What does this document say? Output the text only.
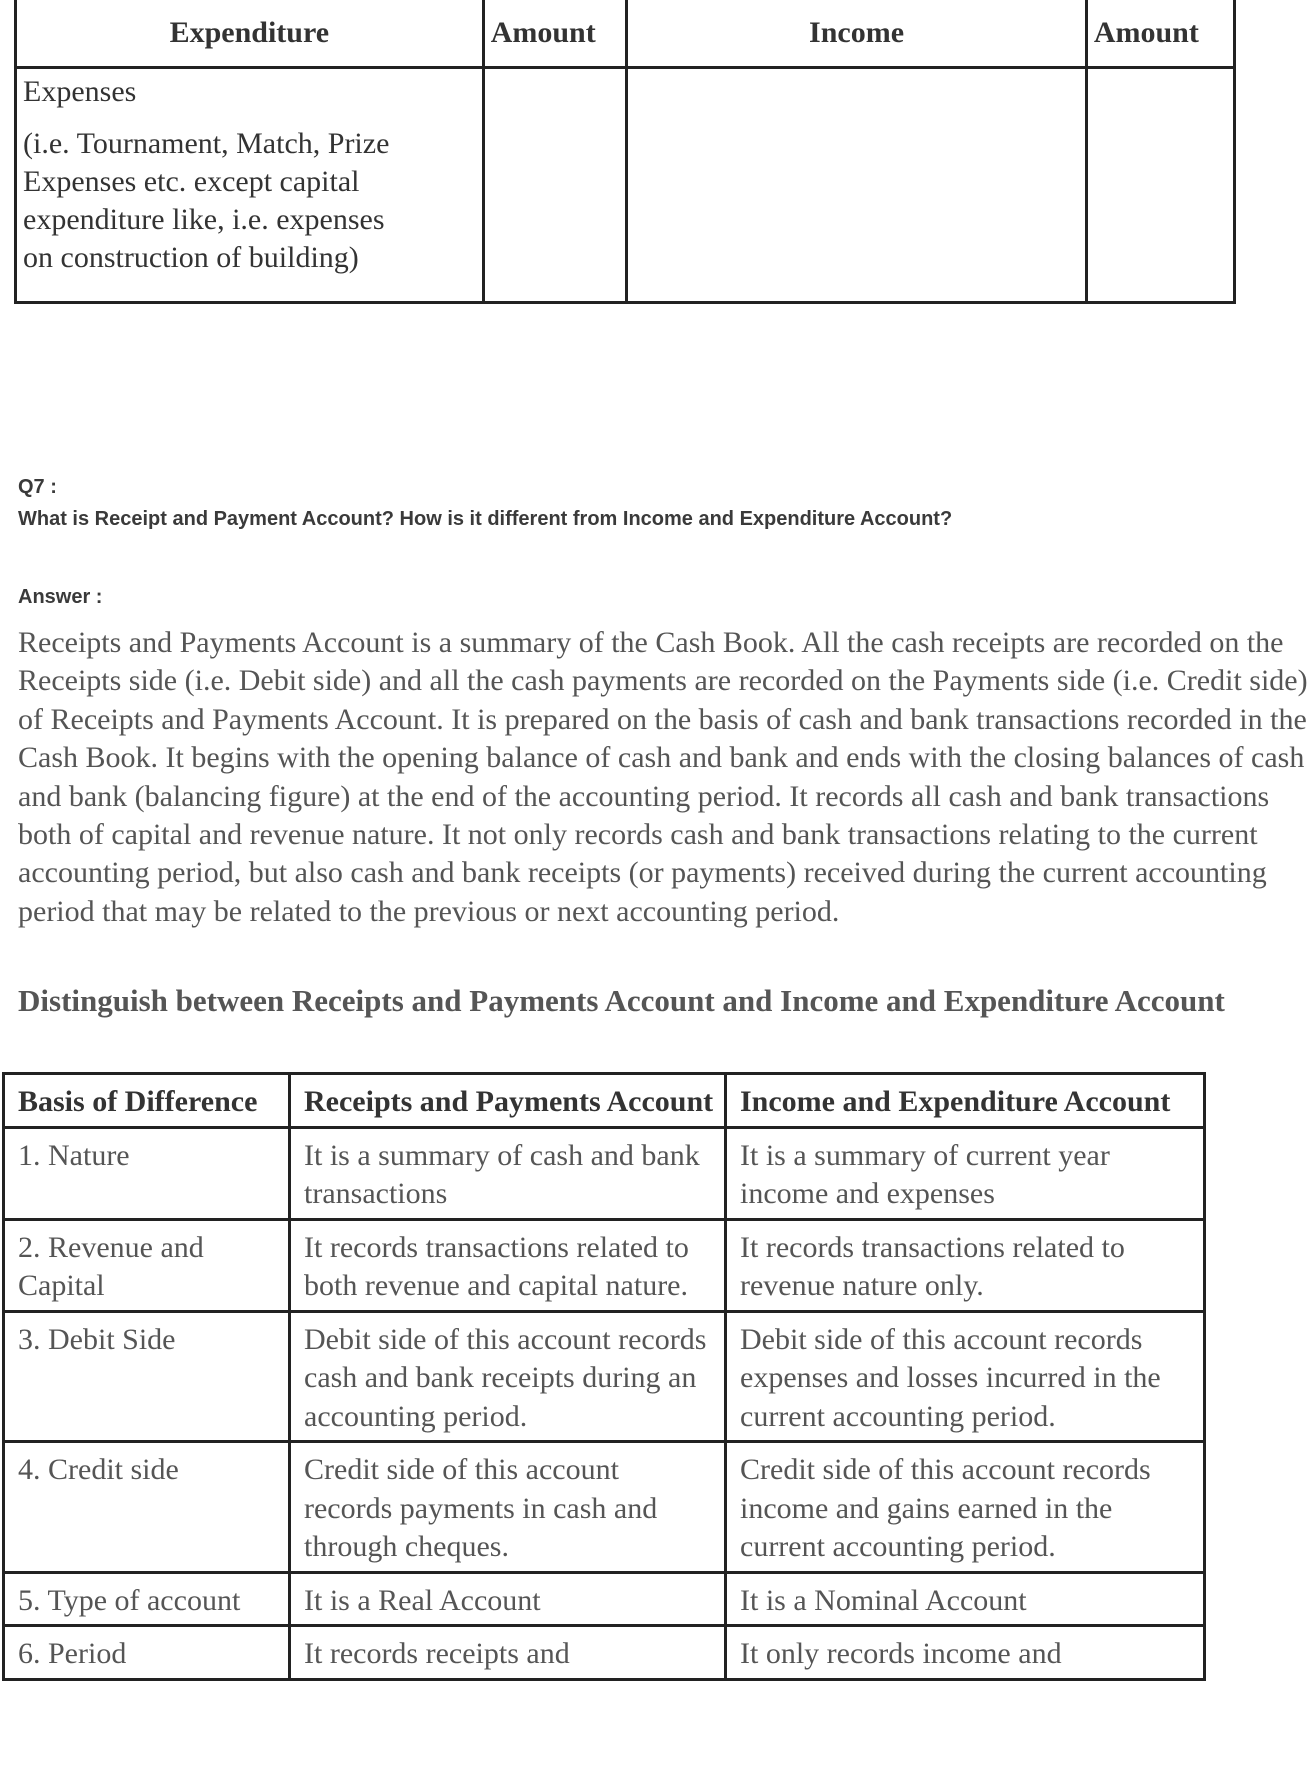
Expenditure	Amount	Income	Amount

Expenses
(i.e. Tournament, Match, Prize Expenses etc. except capital expenditure like, i.e. expenses on construction of building)			

Q7 :
What is Receipt and Payment Account? How is it different from Income and Expenditure Account?
Answer :

Receipts and Payments Account is a summary of the Cash Book. All the cash receipts are recorded on the Receipts side (i.e. Debit side) and all the cash payments are recorded on the Payments side (i.e. Credit side) of Receipts and Payments Account. It is prepared on the basis of cash and bank transactions recorded in the Cash Book. It begins with the opening balance of cash and bank and ends with the closing balances of cash and bank (balancing figure) at the end of the accounting period. It records all cash and bank transactions both of capital and revenue nature. It not only records cash and bank transactions relating to the current accounting period, but also cash and bank receipts (or payments) received during the current accounting period that may be related to the previous or next accounting period.

Distinguish between Receipts and Payments Account and Income and Expenditure Account

Basis of Difference	Receipts and Payments Account	Income and Expenditure Account
1. Nature	It is a summary of cash and bank transactions	It is a summary of current year income and expenses
2. Revenue and Capital	It records transactions related to both revenue and capital nature.	It records transactions related to revenue nature only.
3. Debit Side	Debit side of this account records cash and bank receipts during an accounting period.	Debit side of this account records expenses and losses incurred in the current accounting period.
4. Credit side	Credit side of this account records payments in cash and through cheques.	Credit side of this account records income and gains earned in the current accounting period.
5. Type of account	It is a Real Account	It is a Nominal Account
6. Period	It records receipts and	It only records income and
